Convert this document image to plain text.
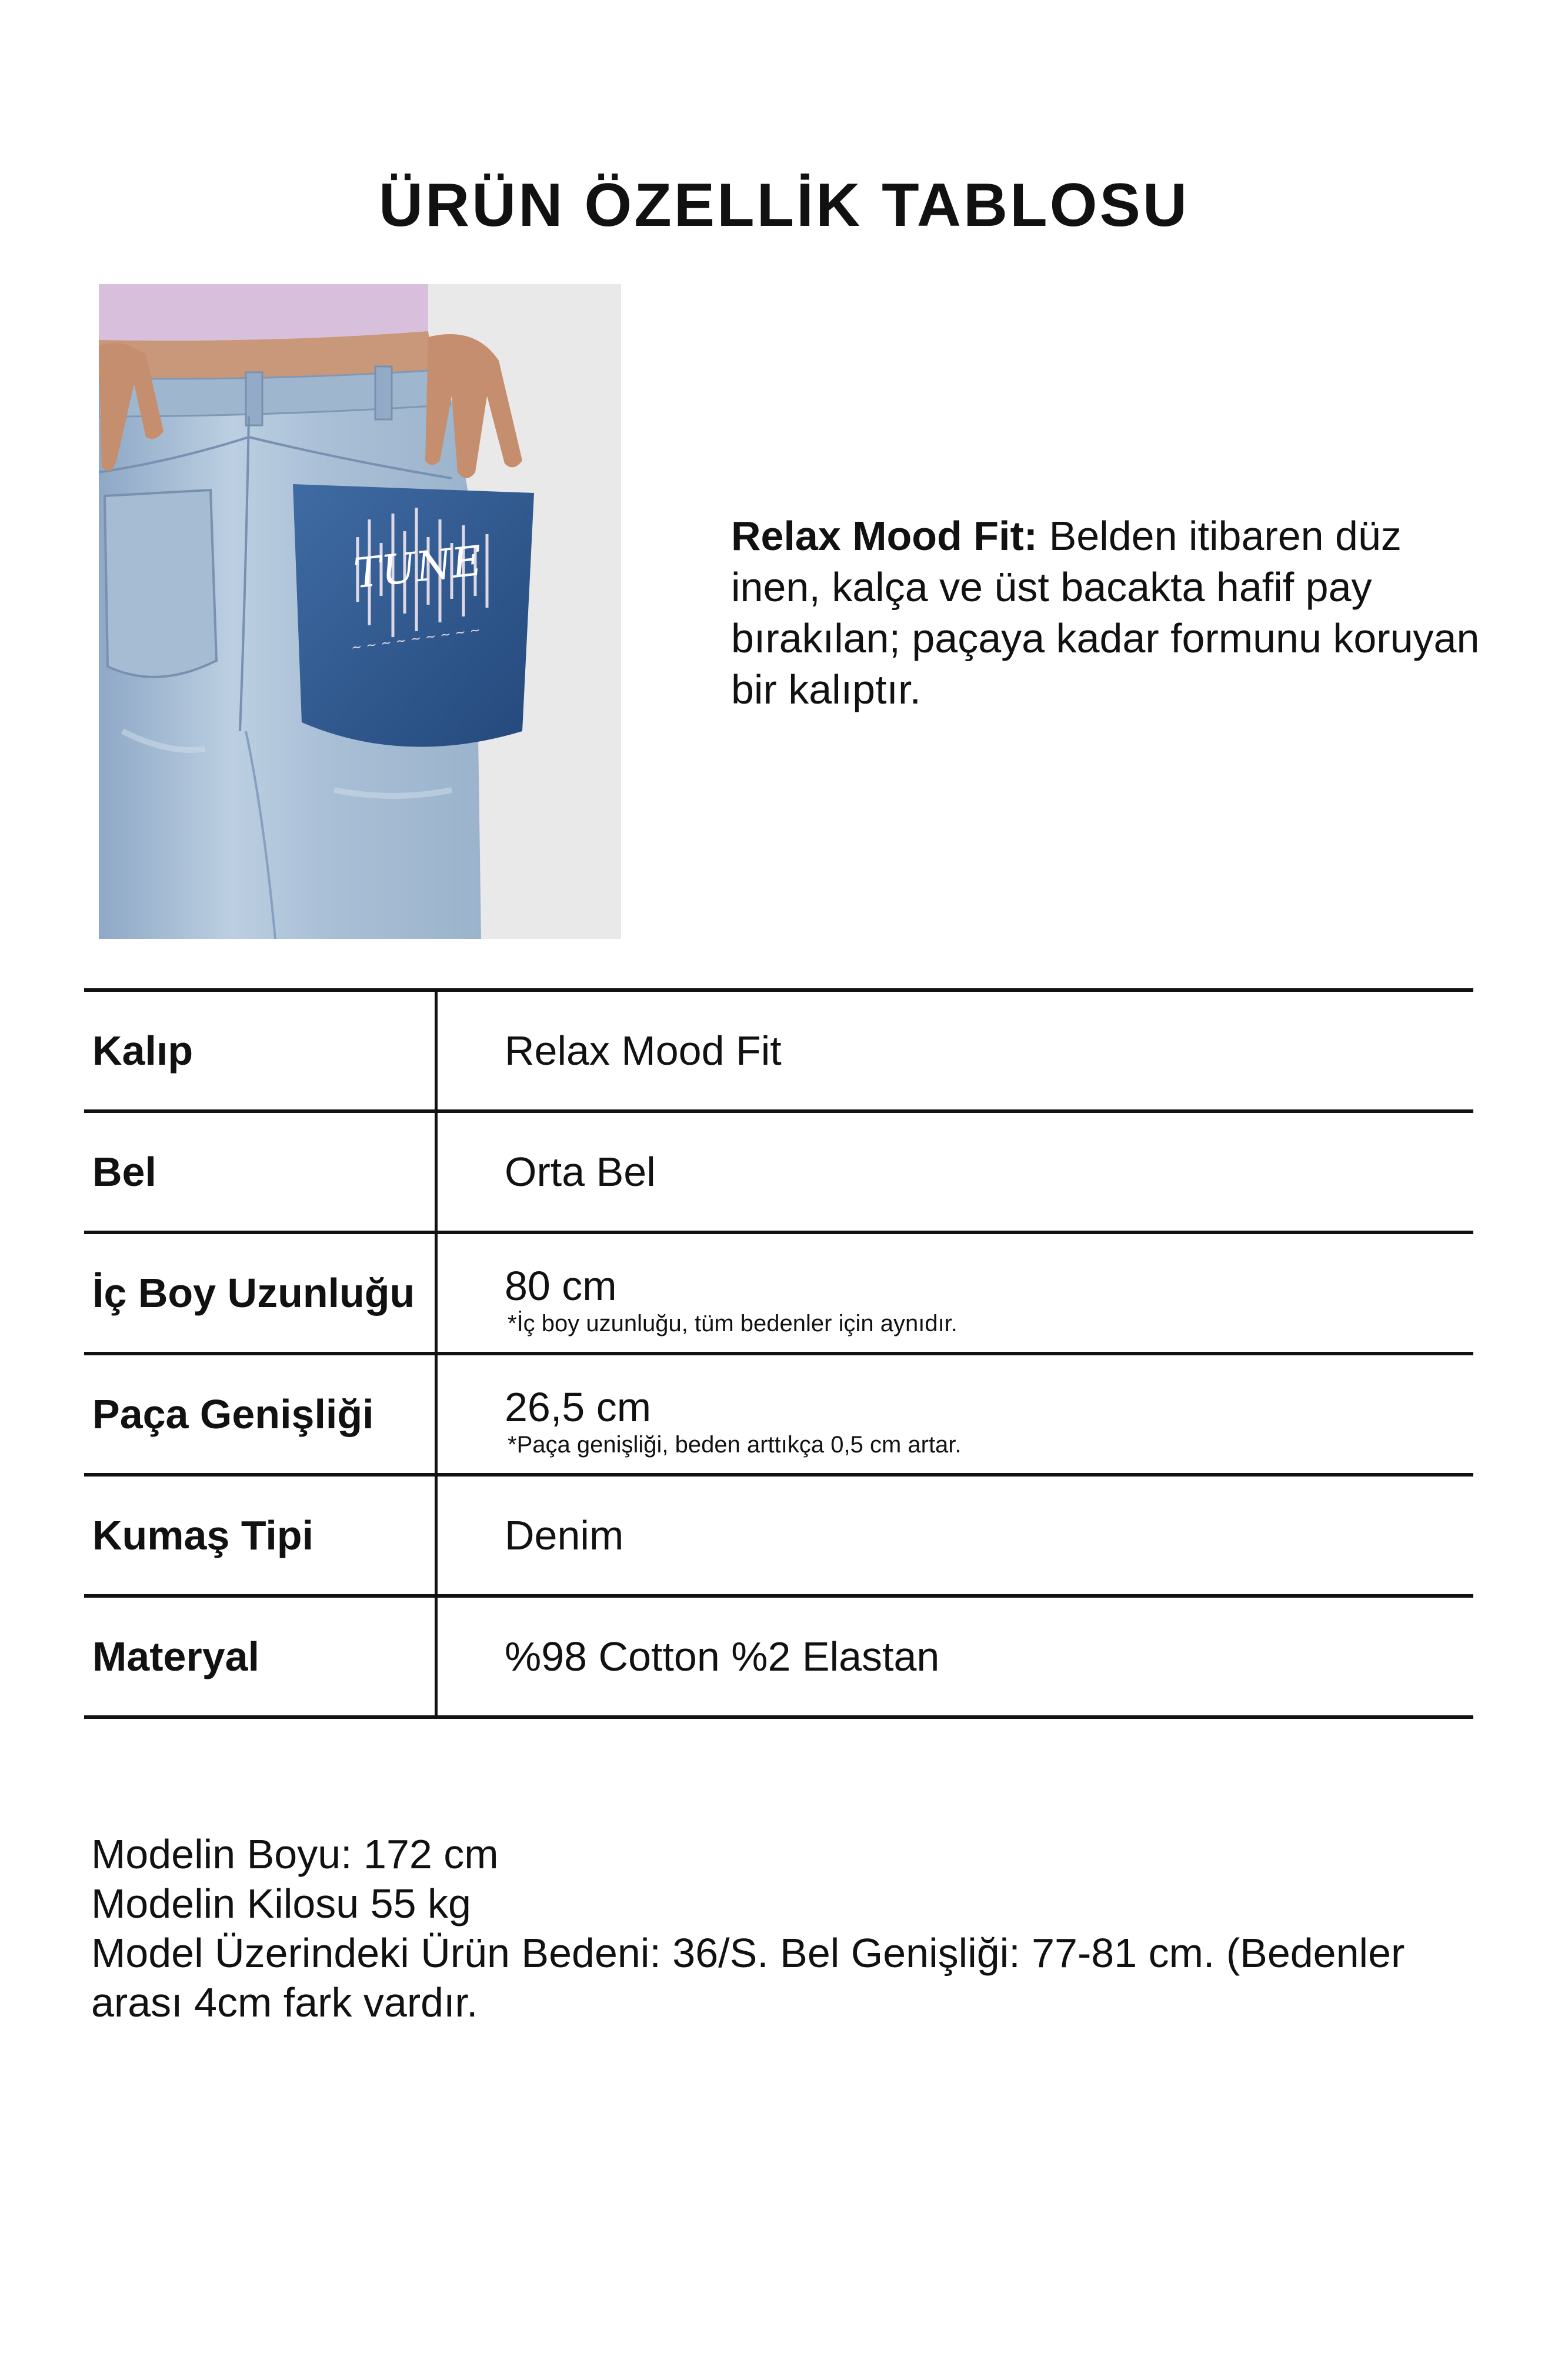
ÜRÜN ÖZELLİK TABLOSU
TUNE
~ ~ ~ ~ ~ ~ ~ ~ ~

Relax Mood Fit: Belden itibaren düz inen, kalça ve üst bacakta hafif pay bırakılan; paçaya kadar formunu koruyan bir kalıptır.

Kalıp	Relax Mood Fit
Bel	Orta Bel
İç Boy Uzunluğu 80 cm
*İç boy uzunluğu, tüm bedenler için aynıdır.
Paça Genişliği	26,5 cm
*Paça genişliği, beden arttıkça 0,5 cm artar.
Kumaş Tipi	Denim
Materyal	%98 Cotton %2 Elastan

Modelin Boyu: 172 cm

Modelin Kilosu 55 kg

Model Üzerindeki Ürün Bedeni: 36/S. Bel Genişliği: 77-81 cm. (Bedenler arası 4cm fark vardır.
